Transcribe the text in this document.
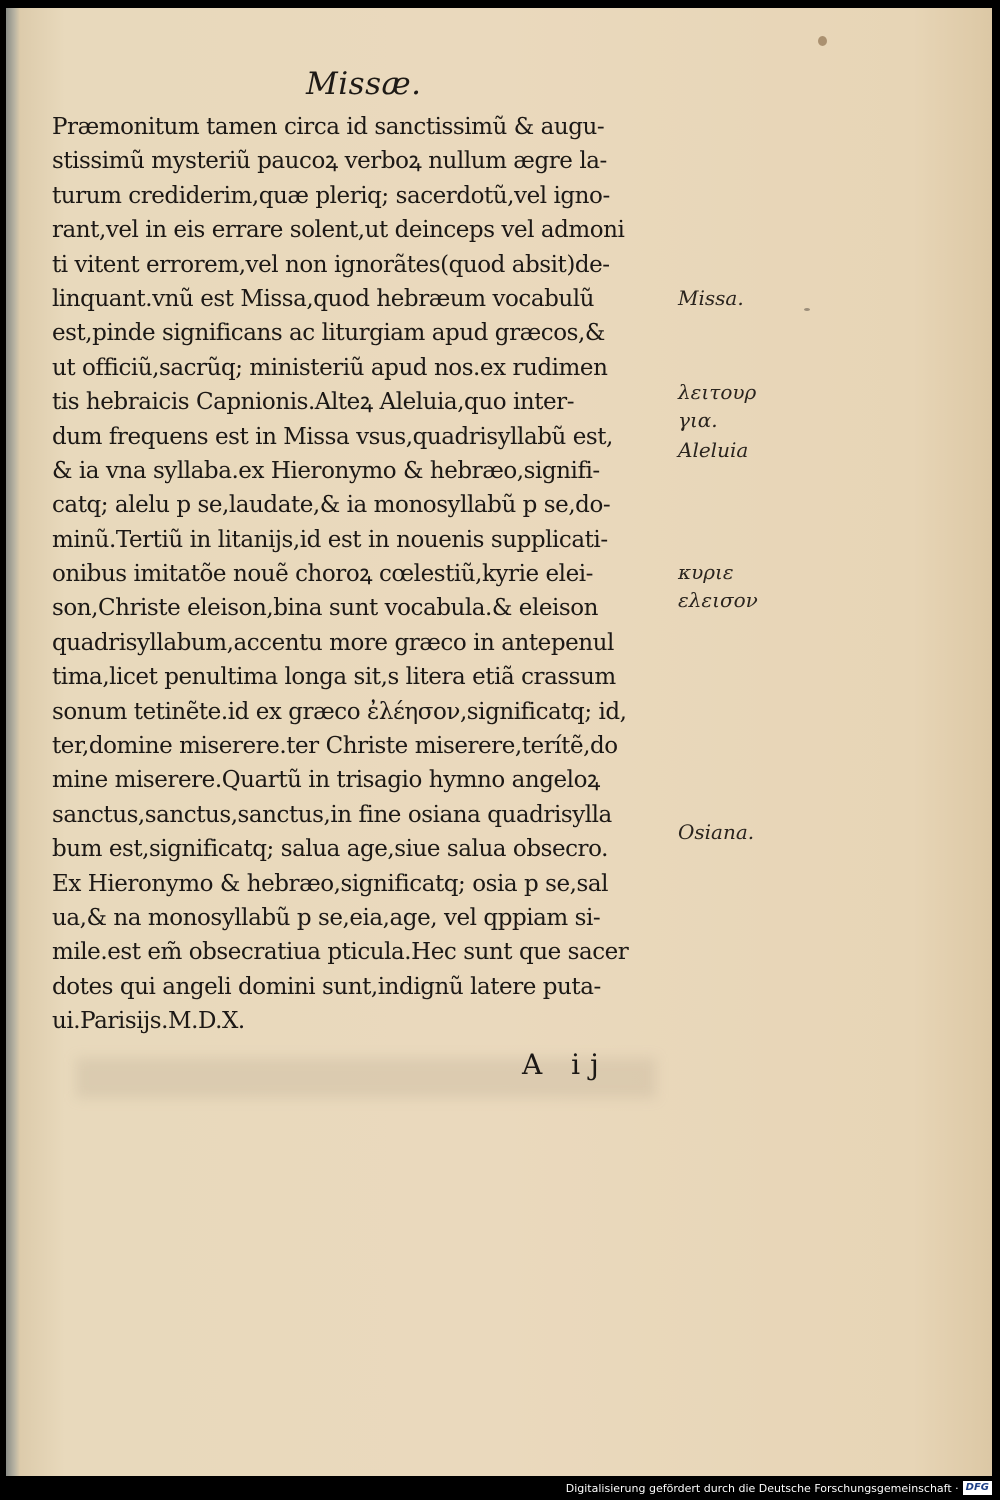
Missæ.
Præmonitum tamen circa id sanctissimũ & augu-
stissimũ mysteriũ paucoꝝ verboꝝ nullum ægre la-
turum crediderim,quæ pleriq; sacerdotũ,vel igno-
rant,vel in eis errare solent,ut deinceps vel admoni
ti vitent errorem,vel non ignorãtes(quod absit)de-
linquant.vnũ est Missa,quod hebræum vocabulũ
est,pinde significans ac liturgiam apud græcos,&
ut officiũ,sacrũq; ministeriũ apud nos.ex rudimen
tis hebraicis Capnionis.Alteꝝ Aleluia,quo inter-
dum frequens est in Missa vsus,quadrisyllabũ est,
& ia vna syllaba.ex Hieronymo & hebræo,signifi-
catq; alelu p se,laudate,& ia monosyllabũ p se,do-
minũ.Tertiũ in litanijs,id est in nouenis supplicati-
onibus imitatõe nouẽ choroꝝ cœlestiũ,kyrie elei-
son,Christe eleison,bina sunt vocabula.& eleison
quadrisyllabum,accentu more græco in antepenul
tima,licet penultima longa sit,s litera etiã crassum
sonum tetinẽte.id ex græco ἐλέησον,significatq; id,
ter,domine miserere.ter Christe miserere,terítẽ,do
mine miserere.Quartũ in trisagio hymno angeloꝝ
sanctus,sanctus,sanctus,in fine osiana quadrisylla
bum est,significatq; salua age,siue salua obsecro.
Ex Hieronymo & hebræo,significatq; osia p se,sal
ua,& na monosyllabũ p se,eia,age, vel qppiam si-
mile.est em̃ obsecratiua pticula.Hec sunt que sacer
dotes qui angeli domini sunt,indignũ latere puta-
ui.Parisijs.M.D.X.
Missa.
λειτουρ
για.
Aleluia
κυριε
ελεισον
Osiana.
A ij
Digitalisierung gefördert durch die Deutsche Forschungsgemeinschaft · DFG
